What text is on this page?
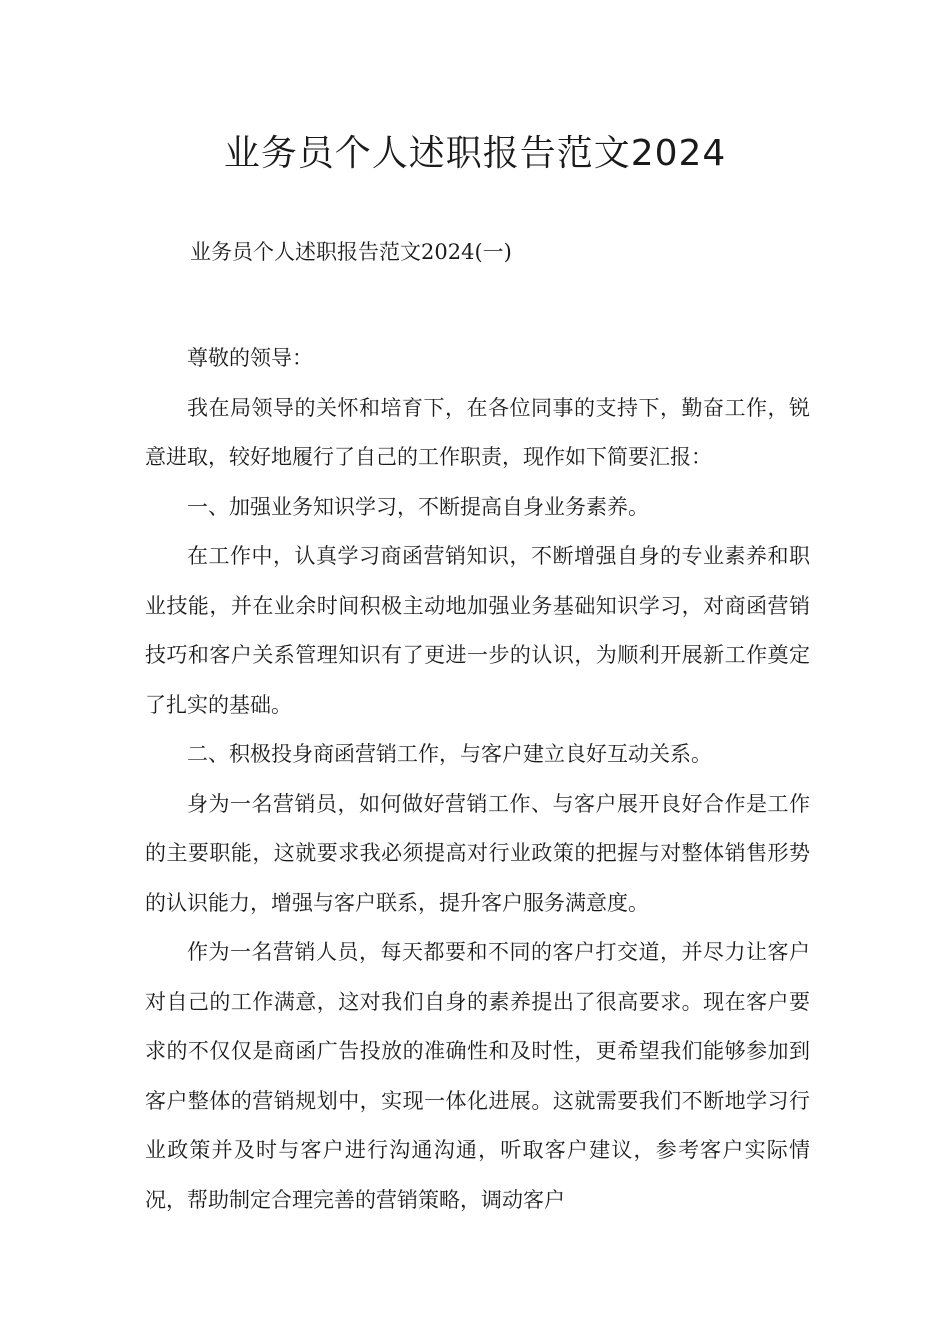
业务员个人述职报告范文2024

业务员个人述职报告范文2024(一)

尊敬的领导：

我在局领导的关怀和培育下，在各位同事的支持下，勤奋工作，锐意进取，较好地履行了自己的工作职责，现作如下简要汇报：

一、加强业务知识学习，不断提高自身业务素养。

在工作中，认真学习商函营销知识，不断增强自身的专业素养和职业技能，并在业余时间积极主动地加强业务基础知识学习，对商函营销技巧和客户关系管理知识有了更进一步的认识，为顺利开展新工作奠定了扎实的基础。

二、积极投身商函营销工作，与客户建立良好互动关系。

身为一名营销员，如何做好营销工作、与客户展开良好合作是工作的主要职能，这就要求我必须提高对行业政策的把握与对整体销售形势的认识能力，增强与客户联系，提升客户服务满意度。

作为一名营销人员，每天都要和不同的客户打交道，并尽力让客户对自己的工作满意，这对我们自身的素养提出了很高要求。现在客户要求的不仅仅是商函广告投放的准确性和及时性，更希望我们能够参加到客户整体的营销规划中，实现一体化进展。这就需要我们不断地学习行业政策并及时与客户进行沟通沟通，听取客户建议，参考客户实际情况，帮助制定合理完善的营销策略，调动客户
